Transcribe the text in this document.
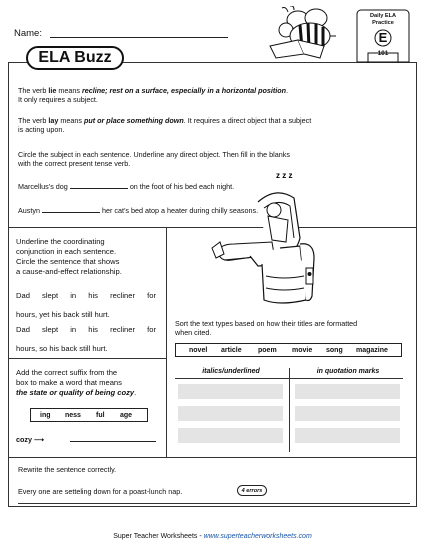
Name:
ELA Buzz
Daily ELA
Practice
E
101
The verb lie means recline; rest on a surface, especially in a horizontal position.
It only requires a subject.
The verb lay means put or place something down. It requires a direct object that a subject
is acting upon.
Circle the subject in each sentence. Underline any direct object. Then fill in the blanks
with the correct present tense verb.
Marcellus’s dog	on the foot of his bed each night.
Austyn	her cat’s bed atop a heater during chilly seasons.
Underline the coordinating
conjunction in each sentence.
Circle the sentence that shows
a cause-and-effect relationship.
Dad slept in his recliner for
hours, yet his back still hurt.
Dad slept in his recliner for
hours, so his back still hurt.
Add the correct suffix from the
box to make a word that means
the state or quality of being cozy.
ing ness ful age
cozy ⟶
z z z
Sort the text types based on how their titles are formatted
when cited.
novel article poem movie song magazine
italics/underlined	in quotation marks
Rewrite the sentence correctly.
Every one are setteling down for a poast-lunch nap.	4 errors
Super Teacher Worksheets - www.superteacherworksheets.com
